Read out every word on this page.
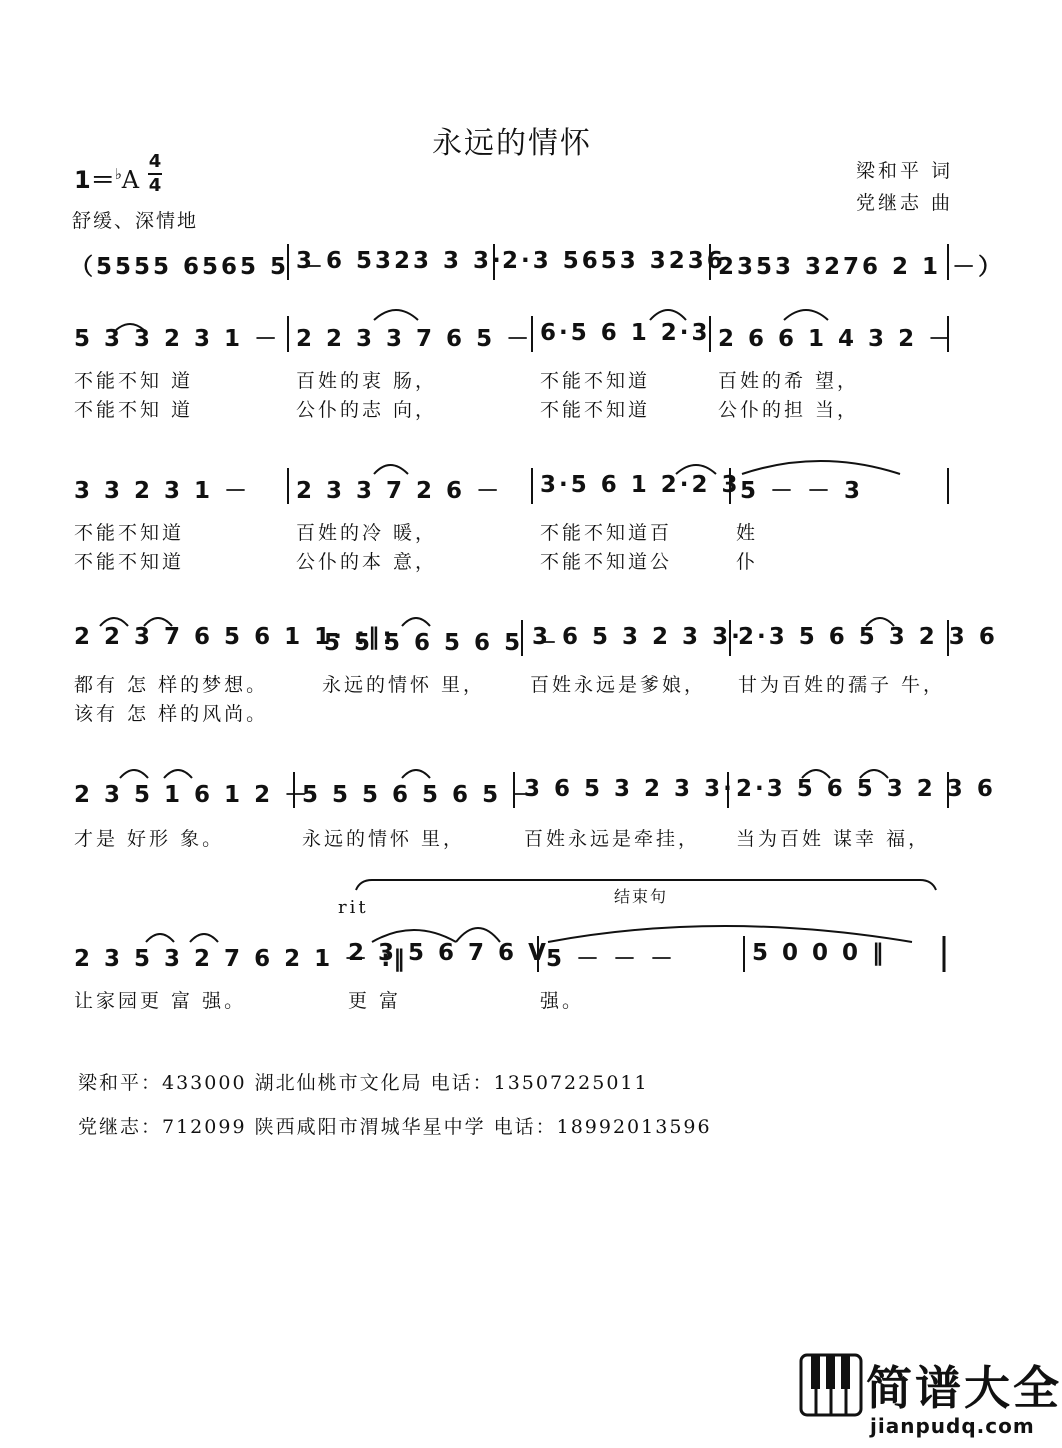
永远的情怀
梁和平 词
党继志 曲
1＝♭A
4
4
舒缓、深情地
（5555 6565 5 －
3 6 5323 3 3·
2·3 5653 3236
2353 3276 2 1 －）
5 3 3 2 3 1 － 2 2 3 3 7 6 5 － 6·5 6 1 2·3 2 6 6 1 4 3 2 －
不能不知 道	百姓的衷 肠，	不能不知道	百姓的希 望，
不能不知 道	公仆的志 向，	不能不知道	公仆的担 当，
3 3 2 3 1 － 2 3 3 7 2 6 － 3·5 6 1 2·2 3 5 － － 3
不能不知道	百姓的冷 暖，	不能不知道百	姓
不能不知道	公仆的本 意，	不能不知道公	仆
2 2 3 7 6 5 6 1 1· :‖:
5 5 5 6 5 6 5 －
3 6 5 3 2 3 3·
2·3 5 6 5 3 2 3 6
都有 怎 样的梦想。	永远的情怀 里， 百姓永远是爹娘， 甘为百姓的孺子 牛，
该有 怎 样的风尚。
2 3 5 1 6 1 2 －
5 5 5 6 5 6 5 －
3 6 5 3 2 3 3· 2·3 5 6 5 3 2 3 6
才是 好形 象。	永远的情怀 里，	百姓永远是牵挂， 当为百姓 谋幸 福，
rit
结束句
2 3 5 3 2 7 6 2 1 － :‖
2 3 5 6 7 6 V
5 － － －	5 0 0 0 ‖
让家园更 富 强。	更 富	强。
梁和平：433000 湖北仙桃市文化局 电话：13507225011
党继志：712099 陕西咸阳市渭城华星中学 电话：18992013596
简谱大全
jianpudq.com
